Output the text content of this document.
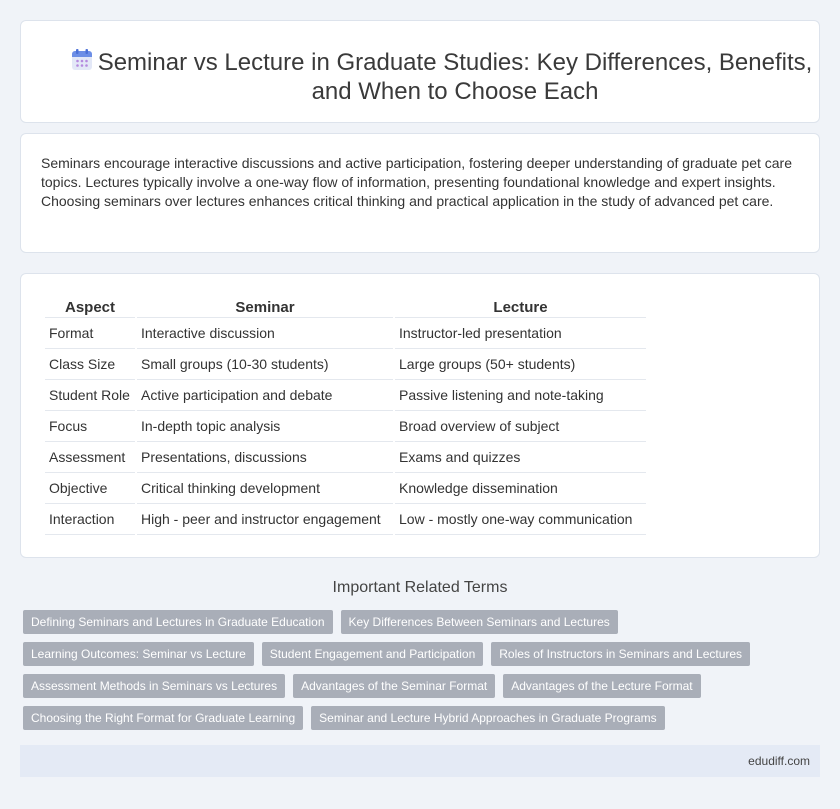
Seminar vs Lecture in Graduate Studies: Key Differences, Benefits, and When to Choose Each

Seminars encourage interactive discussions and active participation, fostering deeper understanding of graduate pet care topics. Lectures typically involve a one-way flow of information, presenting foundational knowledge and expert insights. Choosing seminars over lectures enhances critical thinking and practical application in the study of advanced pet care.

Aspect	Seminar	Lecture
Format	Interactive discussion	Instructor-led presentation
Class Size	Small groups (10-30 students)	Large groups (50+ students)
Student Role	Active participation and debate	Passive listening and note-taking
Focus	In-depth topic analysis	Broad overview of subject
Assessment	Presentations, discussions	Exams and quizzes
Objective	Critical thinking development	Knowledge dissemination
Interaction	High - peer and instructor engagement	Low - mostly one-way communication
Important Related Terms
Defining Seminars and Lectures in Graduate Education	Key Differences Between Seminars and Lectures
Learning Outcomes: Seminar vs Lecture	Student Engagement and Participation	Roles of Instructors in Seminars and Lectures
Assessment Methods in Seminars vs Lectures	Advantages of the Seminar Format	Advantages of the Lecture Format
Choosing the Right Format for Graduate Learning	Seminar and Lecture Hybrid Approaches in Graduate Programs
edudiff.com
